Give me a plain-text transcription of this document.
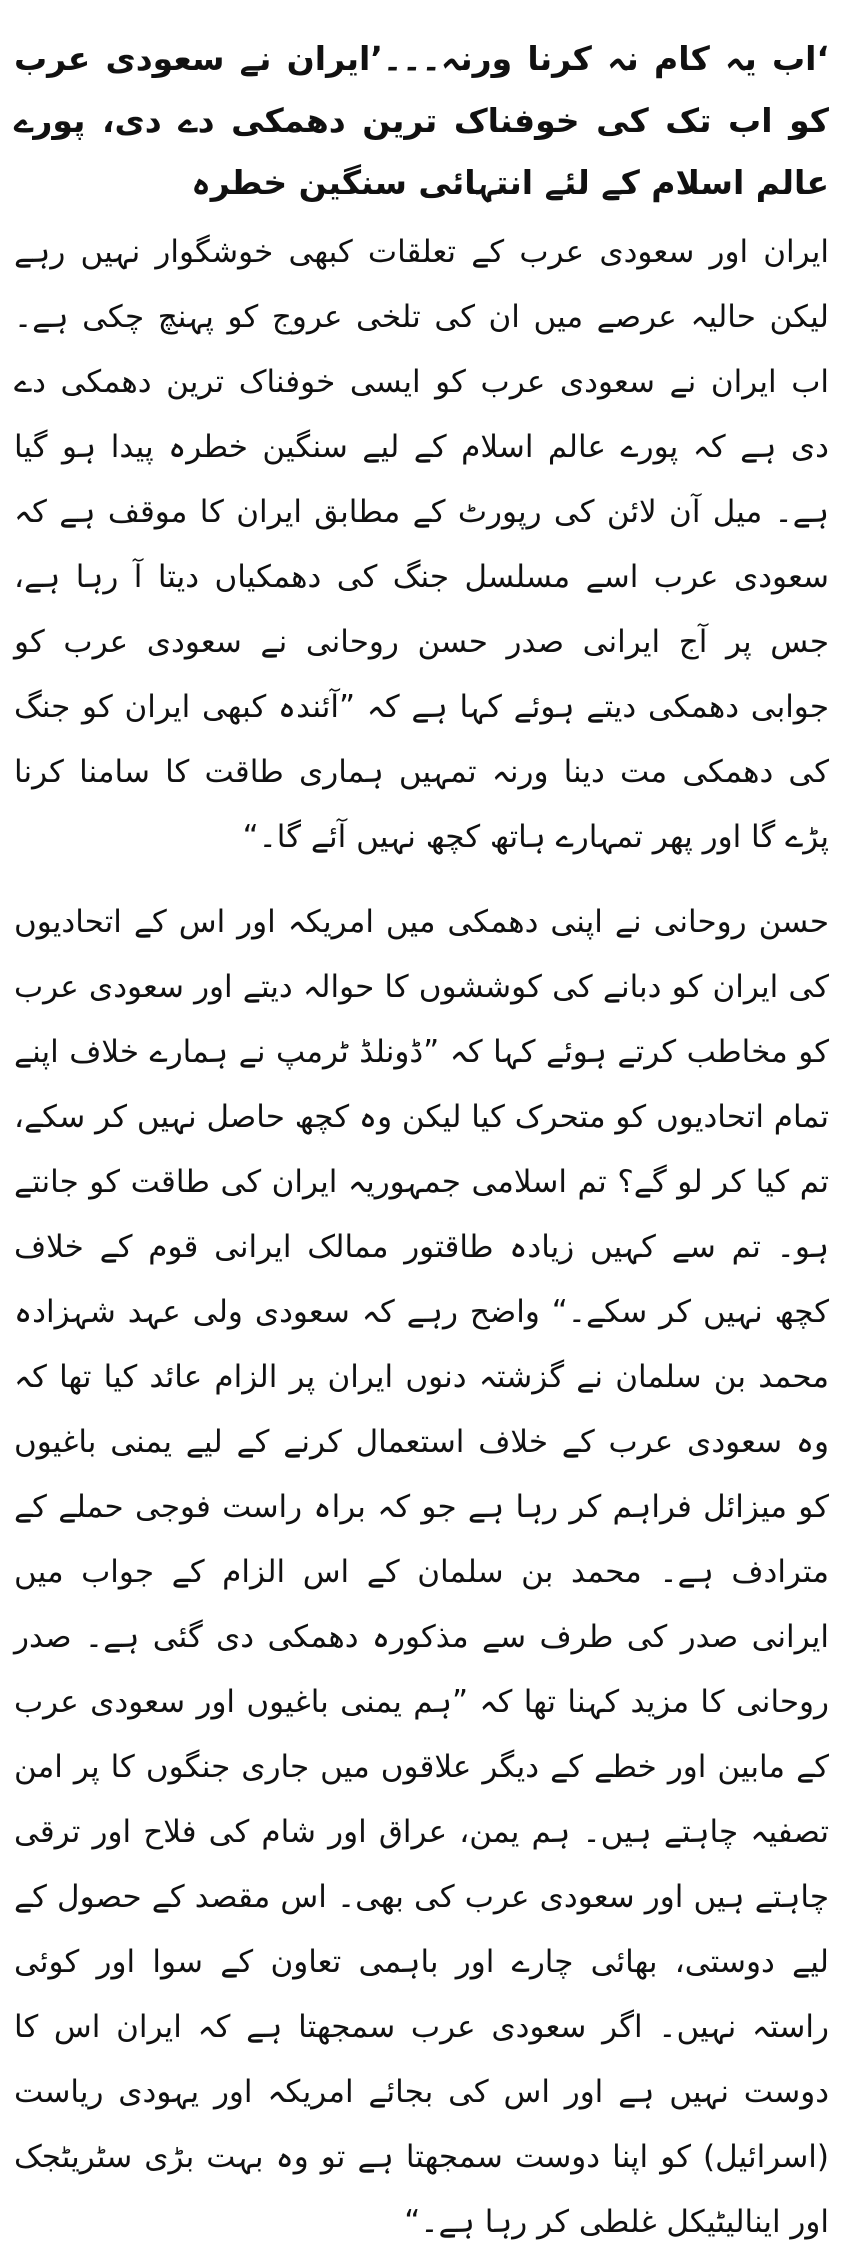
‘اب یہ کام نہ کرنا ورنہ۔۔۔’ایران نے سعودی عرب کو اب تک کی خوفناک ترین دھمکی دے دی، پورے عالم اسلام کے لئے انتہائی سنگین خطرہ

ایران اور سعودی عرب کے تعلقات کبھی خوشگوار نہیں رہے لیکن حالیہ عرصے میں ان کی تلخی عروج کو پہنچ چکی ہے۔ اب ایران نے سعودی عرب کو ایسی خوفناک ترین دھمکی دے دی ہے کہ پورے عالم اسلام کے لیے سنگین خطرہ پیدا ہو گیا ہے۔ میل آن لائن کی رپورٹ کے مطابق ایران کا موقف ہے کہ سعودی عرب اسے مسلسل جنگ کی دھمکیاں دیتا آ رہا ہے، جس پر آج ایرانی صدر حسن روحانی نے سعودی عرب کو جوابی دھمکی دیتے ہوئے کہا ہے کہ ”آئندہ کبھی ایران کو جنگ کی دھمکی مت دینا ورنہ تمہیں ہماری طاقت کا سامنا کرنا پڑے گا اور پھر تمہارے ہاتھ کچھ نہیں آئے گا۔“

حسن روحانی نے اپنی دھمکی میں امریکہ اور اس کے اتحادیوں کی ایران کو دبانے کی کوششوں کا حوالہ دیتے اور سعودی عرب کو مخاطب کرتے ہوئے کہا کہ ”ڈونلڈ ٹرمپ نے ہمارے خلاف اپنے تمام اتحادیوں کو متحرک کیا لیکن وہ کچھ حاصل نہیں کر سکے، تم کیا کر لو گے؟ تم اسلامی جمہوریہ ایران کی طاقت کو جانتے ہو۔ تم سے کہیں زیادہ طاقتور ممالک ایرانی قوم کے خلاف کچھ نہیں کر سکے۔“ واضح رہے کہ سعودی ولی عہد شہزادہ محمد بن سلمان نے گزشتہ دنوں ایران پر الزام عائد کیا تھا کہ وہ سعودی عرب کے خلاف استعمال کرنے کے لیے یمنی باغیوں کو میزائل فراہم کر رہا ہے جو کہ براہ راست فوجی حملے کے مترادف ہے۔ محمد بن سلمان کے اس الزام کے جواب میں ایرانی صدر کی طرف سے مذکورہ دھمکی دی گئی ہے۔ صدر روحانی کا مزید کہنا تھا کہ ”ہم یمنی باغیوں اور سعودی عرب کے مابین اور خطے کے دیگر علاقوں میں جاری جنگوں کا پر امن تصفیہ چاہتے ہیں۔ ہم یمن، عراق اور شام کی فلاح اور ترقی چاہتے ہیں اور سعودی عرب کی بھی۔ اس مقصد کے حصول کے لیے دوستی، بھائی چارے اور باہمی تعاون کے سوا اور کوئی راستہ نہیں۔ اگر سعودی عرب سمجھتا ہے کہ ایران اس کا دوست نہیں ہے اور اس کی بجائے امریکہ اور یہودی ریاست (اسرائیل) کو اپنا دوست سمجھتا ہے تو وہ بہت بڑی سٹریٹجک اور اینالیٹیکل غلطی کر رہا ہے۔“
